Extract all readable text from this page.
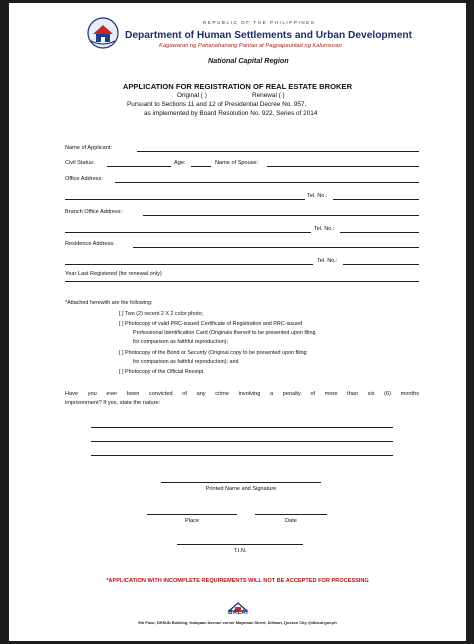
REPUBLIC OF THE PHILIPPINES
Department of Human Settlements and Urban Development
Kagawaran ng Pananahanang Pantao at Pagpapaunlad ng Kalunsuran
National Capital Region
APPLICATION FOR REGISTRATION OF REAL ESTATE BROKER
Original ( )	Renewal ( )
Pursuant to Sections 11 and 12 of Presidential Decree No. 957,
as implemented by Board Resolution No. 922, Series of 2014
Name of Applicant:
Civil Status:	Age:	Name of Spouse:
Office Address:
Tel. No.:
Branch Office Address:
Tel. No.:
Residence Address:
Tel. No.:
Year Last Registered (for renewal only)
*Attached herewith are the following:
[ ] Two (2) recent 2 X 2 color photo;
[ ] Photocopy of valid PRC-issued Certificate of Registration and PRC-issued
Professional Identification Card (Originals thereof to be presented upon filing
for comparison as faithful reproduction);
[ ] Photocopy of the Bond or Security (Original copy to be presented upon filing
for comparison as faithful reproduction); and
[ ] Photocopy of the Official Receipt.
Have you ever been convicted of any crime involving a penalty of more than six (6) months
imprisonment? If yes, state the nature:
Printed Name and Signature
Place	Date
T.I.N.
*APPLICATION WITH INCOMPLETE REQUIREMENTS WILL NOT BE ACCEPTED FOR PROCESSING
BALAI
5th Floor, DHSUD Building, Kalayaan Avenue corner Mayaman Street, Diliman, Quezon City @dhsud.gov.ph
